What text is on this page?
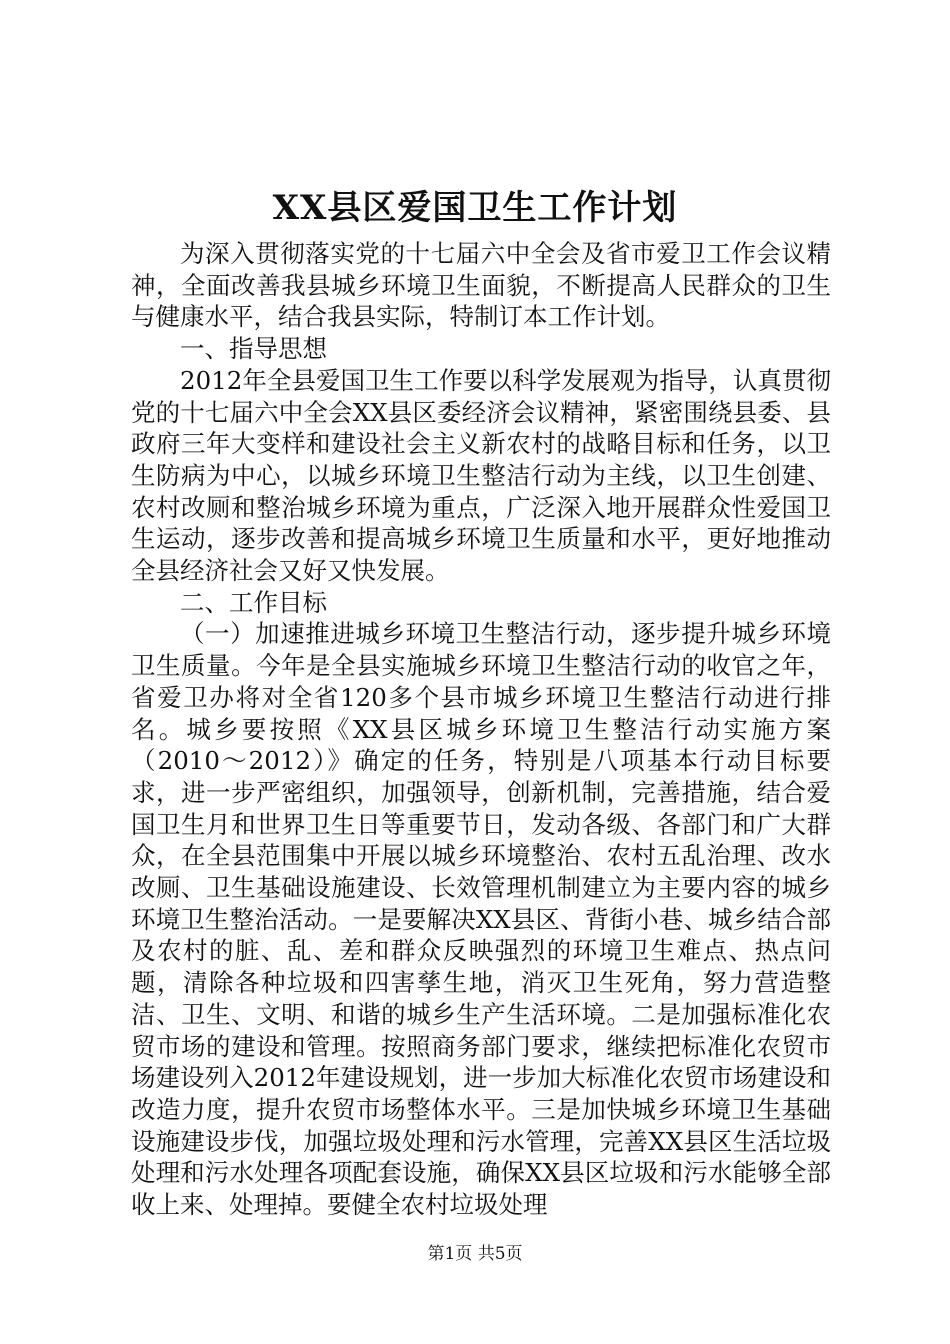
XX县区爱国卫生工作计划

为深入贯彻落实党的十七届六中全会及省市爱卫工作会议精神，全面改善我县城乡环境卫生面貌，不断提高人民群众的卫生与健康水平，结合我县实际，特制订本工作计划。

一、指导思想

2012年全县爱国卫生工作要以科学发展观为指导，认真贯彻党的十七届六中全会XX县区委经济会议精神，紧密围绕县委、县政府三年大变样和建设社会主义新农村的战略目标和任务，以卫生防病为中心，以城乡环境卫生整洁行动为主线，以卫生创建、农村改厕和整治城乡环境为重点，广泛深入地开展群众性爱国卫生运动，逐步改善和提高城乡环境卫生质量和水平，更好地推动全县经济社会又好又快发展。

二、工作目标

（一）加速推进城乡环境卫生整洁行动，逐步提升城乡环境卫生质量。今年是全县实施城乡环境卫生整洁行动的收官之年，省爱卫办将对全省120多个县市城乡环境卫生整洁行动进行排名。城乡要按照《XX县区城乡环境卫生整洁行动实施方案（2010～2012）》确定的任务，特别是八项基本行动目标要求，进一步严密组织，加强领导，创新机制，完善措施，结合爱国卫生月和世界卫生日等重要节日，发动各级、各部门和广大群众，在全县范围集中开展以城乡环境整治、农村五乱治理、改水改厕、卫生基础设施建设、长效管理机制建立为主要内容的城乡环境卫生整治活动。一是要解决XX县区、背街小巷、城乡结合部及农村的脏、乱、差和群众反映强烈的环境卫生难点、热点问题，清除各种垃圾和四害孳生地，消灭卫生死角，努力营造整洁、卫生、文明、和谐的城乡生产生活环境。二是加强标准化农贸市场的建设和管理。按照商务部门要求，继续把标准化农贸市场建设列入2012年建设规划，进一步加大标准化农贸市场建设和改造力度，提升农贸市场整体水平。三是加快城乡环境卫生基础设施建设步伐，加强垃圾处理和污水管理，完善XX县区生活垃圾处理和污水处理各项配套设施，确保XX县区垃圾和污水能够全部收上来、处理掉。要健全农村垃圾处理

第1页 共5页
